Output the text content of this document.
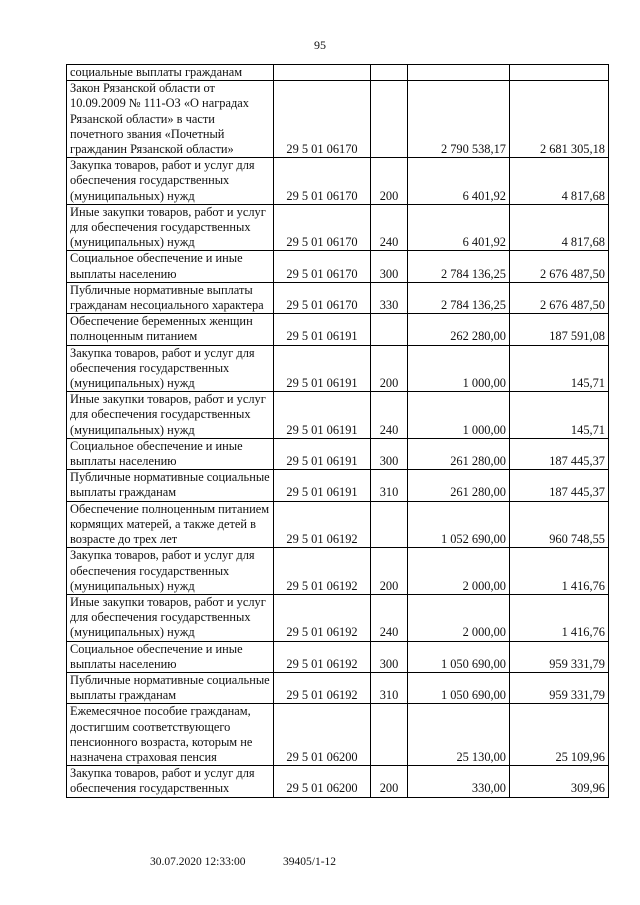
95
социальные выплаты гражданам				
Закон Рязанской области от 10.09.2009 № 111-ОЗ «О наградах Рязанской области» в части почетного звания «Почетный гражданин Рязанской области»	29 5 01 06170		2 790 538,17	2 681 305,18
Закупка товаров, работ и услуг для обеспечения государственных (муниципальных) нужд	29 5 01 06170	200	6 401,92	4 817,68
Иные закупки товаров, работ и услуг для обеспечения государственных (муниципальных) нужд	29 5 01 06170	240	6 401,92	4 817,68
Социальное обеспечение и иные выплаты населению	29 5 01 06170	300	2 784 136,25	2 676 487,50
Публичные нормативные выплаты гражданам несоциального характера	29 5 01 06170	330	2 784 136,25	2 676 487,50
Обеспечение беременных женщин полноценным питанием	29 5 01 06191		262 280,00	187 591,08
Закупка товаров, работ и услуг для обеспечения государственных (муниципальных) нужд	29 5 01 06191	200	1 000,00	145,71
Иные закупки товаров, работ и услуг для обеспечения государственных (муниципальных) нужд	29 5 01 06191	240	1 000,00	145,71
Социальное обеспечение и иные выплаты населению	29 5 01 06191	300	261 280,00	187 445,37
Публичные нормативные социальные выплаты гражданам	29 5 01 06191	310	261 280,00	187 445,37
Обеспечение полноценным питанием кормящих матерей, а также детей в возрасте до трех лет	29 5 01 06192		1 052 690,00	960 748,55
Закупка товаров, работ и услуг для обеспечения государственных (муниципальных) нужд	29 5 01 06192	200	2 000,00	1 416,76
Иные закупки товаров, работ и услуг для обеспечения государственных (муниципальных) нужд	29 5 01 06192	240	2 000,00	1 416,76
Социальное обеспечение и иные выплаты населению	29 5 01 06192	300	1 050 690,00	959 331,79
Публичные нормативные социальные выплаты гражданам	29 5 01 06192	310	1 050 690,00	959 331,79
Ежемесячное пособие гражданам, достигшим соответствующего пенсионного возраста, которым не назначена страховая пенсия	29 5 01 06200		25 130,00	25 109,96
Закупка товаров, работ и услуг для обеспечения государственных	29 5 01 06200	200	330,00	309,96
30.07.2020 12:33:00	39405/1-12
